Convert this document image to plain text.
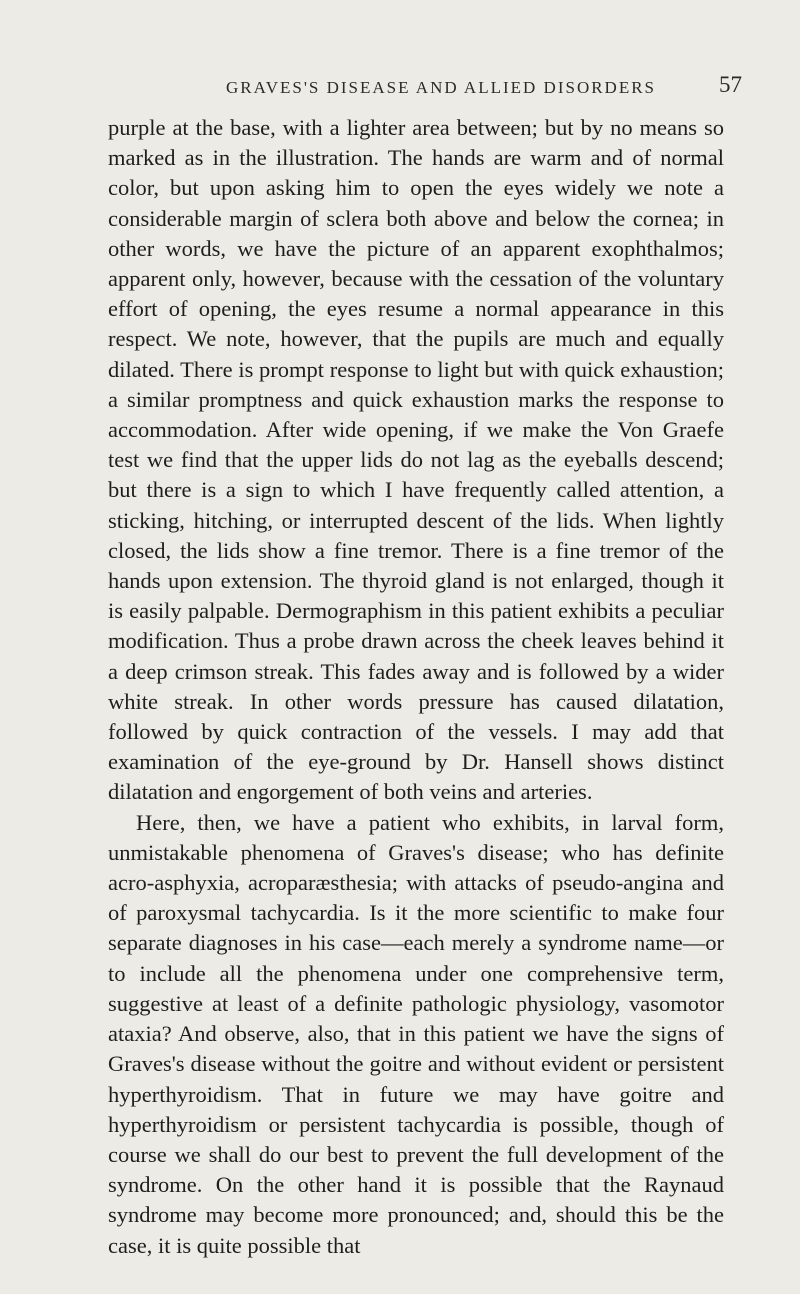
GRAVES'S DISEASE AND ALLIED DISORDERS	57

purple at the base, with a lighter area between; but by no means so marked as in the illustration. The hands are warm and of normal color, but upon asking him to open the eyes widely we note a considerable margin of sclera both above and below the cornea; in other words, we have the picture of an apparent exophthalmos; apparent only, however, because with the cessation of the voluntary effort of opening, the eyes resume a normal appearance in this respect. We note, however, that the pupils are much and equally dilated. There is prompt response to light but with quick exhaustion; a similar promptness and quick exhaustion marks the response to accommodation. After wide opening, if we make the Von Graefe test we find that the upper lids do not lag as the eyeballs descend; but there is a sign to which I have frequently called attention, a sticking, hitching, or interrupted descent of the lids. When lightly closed, the lids show a fine tremor. There is a fine tremor of the hands upon extension. The thyroid gland is not enlarged, though it is easily palpable. Dermographism in this patient exhibits a peculiar modification. Thus a probe drawn across the cheek leaves behind it a deep crimson streak. This fades away and is followed by a wider white streak. In other words pressure has caused dilatation, followed by quick contraction of the vessels. I may add that examination of the eye-ground by Dr. Hansell shows distinct dilatation and engorgement of both veins and arteries.

Here, then, we have a patient who exhibits, in larval form, unmistakable phenomena of Graves's disease; who has definite acro-asphyxia, acroparæsthesia; with attacks of pseudo-angina and of paroxysmal tachycardia. Is it the more scientific to make four separate diagnoses in his case—each merely a syndrome name—or to include all the phenomena under one comprehensive term, suggestive at least of a definite pathologic physiology, vasomotor ataxia? And observe, also, that in this patient we have the signs of Graves's disease without the goitre and without evident or persistent hyperthyroidism. That in future we may have goitre and hyperthyroidism or persistent tachycardia is possible, though of course we shall do our best to prevent the full development of the syndrome. On the other hand it is possible that the Raynaud syndrome may become more pronounced; and, should this be the case, it is quite possible that
